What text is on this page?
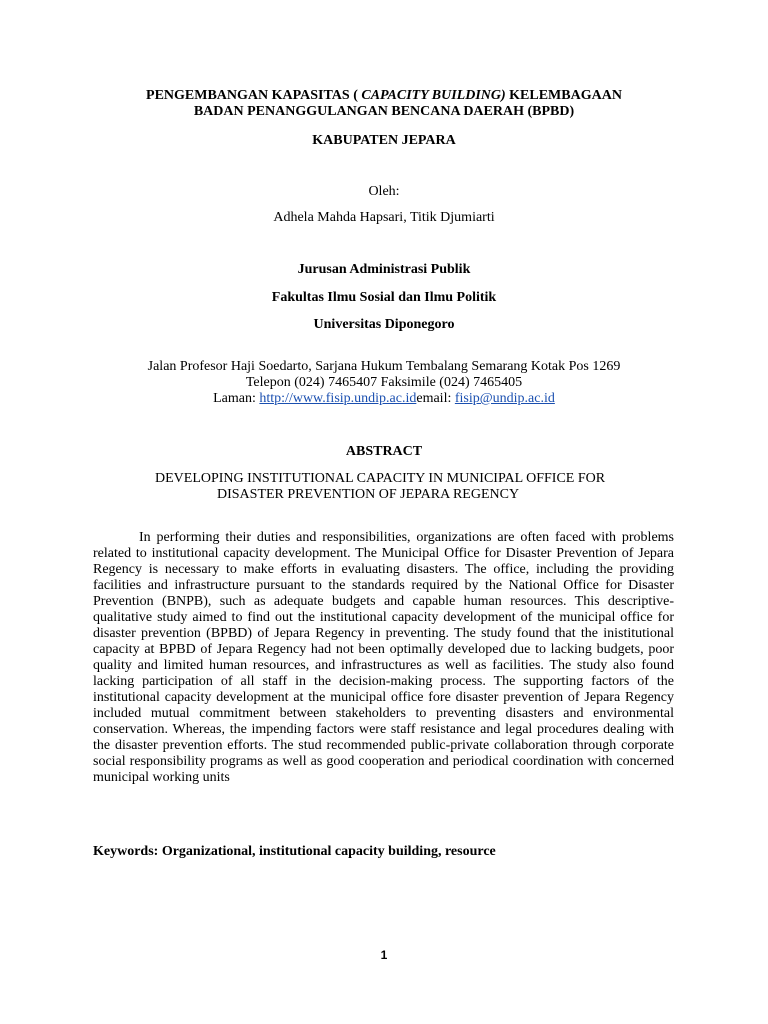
PENGEMBANGAN KAPASITAS ( CAPACITY BUILDING) KELEMBAGAAN
BADAN PENANGGULANGAN BENCANA DAERAH (BPBD)
KABUPATEN JEPARA
Oleh:
Adhela Mahda Hapsari, Titik Djumiarti
Jurusan Administrasi Publik
Fakultas Ilmu Sosial dan Ilmu Politik
Universitas Diponegoro
Jalan Profesor Haji Soedarto, Sarjana Hukum Tembalang Semarang Kotak Pos 1269
Telepon (024) 7465407 Faksimile (024) 7465405
Laman: http://www.fisip.undip.ac.idemail: fisip@undip.ac.id
ABSTRACT
DEVELOPING INSTITUTIONAL CAPACITY IN MUNICIPAL OFFICE FOR
DISASTER PREVENTION OF JEPARA REGENCY

In performing their duties and responsibilities, organizations are often faced with problems related to institutional capacity development. The Municipal Office for Disaster Prevention of Jepara Regency is necessary to make efforts in evaluating disasters. The office, including the providing facilities and infrastructure pursuant to the standards required by the National Office for Disaster Prevention (BNPB), such as adequate budgets and capable human resources. This descriptive-qualitative study aimed to find out the institutional capacity development of the municipal office for disaster prevention (BPBD) of Jepara Regency in preventing. The study found that the inistitutional capacity at BPBD of Jepara Regency had not been optimally developed due to lacking budgets, poor quality and limited human resources, and infrastructures as well as facilities. The study also found lacking participation of all staff in the decision-making process. The supporting factors of the institutional capacity development at the municipal office fore disaster prevention of Jepara Regency included mutual commitment between stakeholders to preventing disasters and environmental conservation. Whereas, the impending factors were staff resistance and legal procedures dealing with the disaster prevention efforts. The stud recommended public-private collaboration through corporate social responsibility programs as well as good cooperation and periodical coordination with concerned municipal working units

Keywords: Organizational, institutional capacity building, resource
1
